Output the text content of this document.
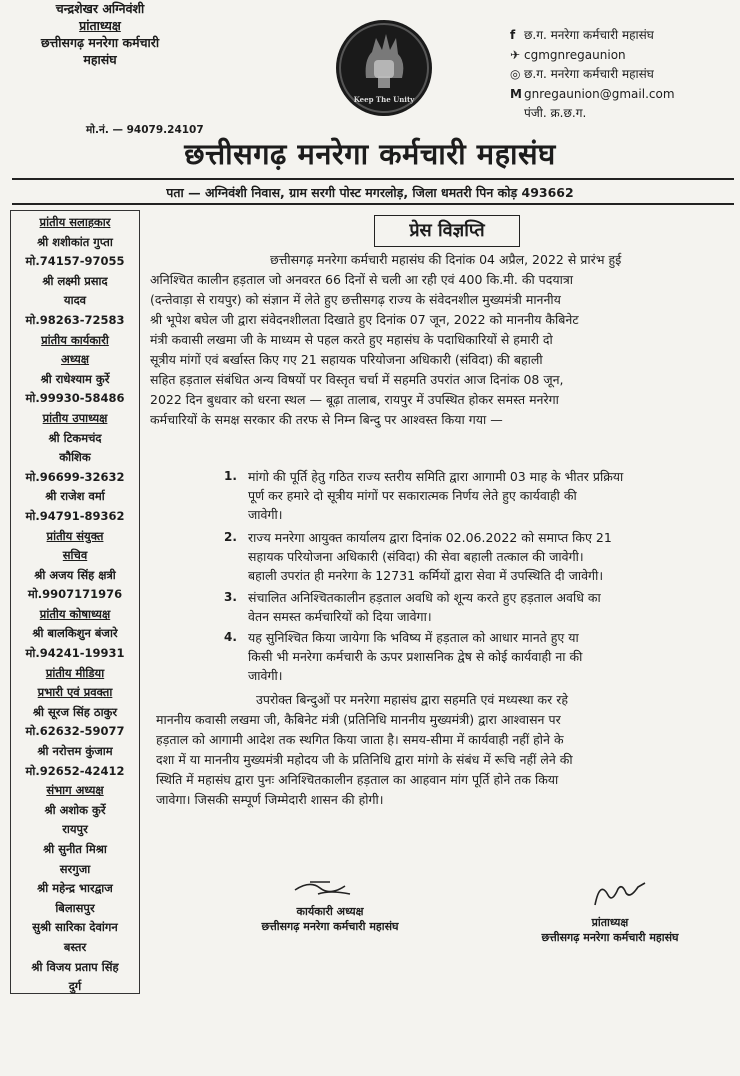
चन्द्रशेखर अग्निवंशी
प्रांताध्यक्ष
छत्तीसगढ़ मनरेगा कर्मचारी
महासंघ
मो.नं. — 94079.24107
Keep The Unity
f छ.ग. मनरेगा कर्मचारी महासंघ
✈ cgmgnregaunion
◎ छ.ग. मनरेगा कर्मचारी महासंघ
M gnregaunion@gmail.com
पंजी. क्र.छ.ग.
छत्तीसगढ़ मनरेगा कर्मचारी महासंघ
पता — अग्निवंशी निवास, ग्राम सरगी पोस्ट मगरलोड़, जिला धमतरी पिन कोड़ 493662
प्रांतीय सलाहकार
श्री शशीकांत गुप्ता
मो.74157-97055
श्री लक्ष्मी प्रसाद
यादव
मो.98263-72583
प्रांतीय कार्यकारी
अध्यक्ष
श्री राधेश्याम कुर्रे
मो.99930-58486
प्रांतीय उपाध्यक्ष
श्री टिकमचंद
कौशिक
मो.96699-32632
श्री राजेश वर्मा
मो.94791-89362
प्रांतीय संयुक्त
सचिव
श्री अजय सिंह क्षत्री
मो.9907171976
प्रांतीय कोषाध्यक्ष
श्री बालकिशुन बंजारे
मो.94241-19931
प्रांतीय मीडिया
प्रभारी एवं प्रवक्ता
श्री सूरज सिंह ठाकुर
मो.62632-59077
श्री नरोत्तम कुंजाम
मो.92652-42412
संभाग अध्यक्ष
श्री अशोक कुर्रे
रायपुर
श्री सुनीत मिश्रा
सरगुजा
श्री महेन्द्र भारद्वाज
बिलासपुर
सुश्री सारिका देवांगन
बस्तर
श्री विजय प्रताप सिंह
दुर्ग
प्रेस विज्ञप्ति
छत्तीसगढ़ मनरेगा कर्मचारी महासंघ की दिनांक 04 अप्रैल, 2022 से प्रारंभ हुई
अनिश्चित कालीन हड़ताल जो अनवरत 66 दिनों से चली आ रही एवं 400 कि.मी. की पदयात्रा
(दन्तेवाड़ा से रायपुर) को संज्ञान में लेते हुए छत्तीसगढ़ राज्य के संवेदनशील मुख्यमंत्री माननीय
श्री भूपेश बघेल जी द्वारा संवेदनशीलता दिखाते हुए दिनांक 07 जून, 2022 को माननीय कैबिनेट
मंत्री कवासी लखमा जी के माध्यम से पहल करते हुए महासंघ के पदाधिकारियों से हमारी दो
सूत्रीय मांगों एवं बर्खास्त किए गए 21 सहायक परियोजना अधिकारी (संविदा) की बहाली
सहित हड़ताल संबंधित अन्य विषयों पर विस्तृत चर्चा में सहमति उपरांत आज दिनांक 08 जून,
2022 दिन बुधवार को धरना स्थल — बूढ़ा तालाब, रायपुर में उपस्थित होकर समस्त मनरेगा
कर्मचारियों के समक्ष सरकार की तरफ से निम्न बिन्दु पर आश्वस्त किया गया —
1. मांगो की पूर्ति हेतु गठित राज्य स्तरीय समिति द्वारा आगामी 03 माह के भीतर प्रक्रिया
पूर्ण कर हमारे दो सूत्रीय मांगों पर सकारात्मक निर्णय लेते हुए कार्यवाही की
जावेगी।
2. राज्य मनरेगा आयुक्त कार्यालय द्वारा दिनांक 02.06.2022 को समाप्त किए 21
सहायक परियोजना अधिकारी (संविदा) की सेवा बहाली तत्काल की जावेगी।
बहाली उपरांत ही मनरेगा के 12731 कर्मियों द्वारा सेवा में उपस्थिति दी जावेगी।
3. संचालित अनिश्चितकालीन हड़ताल अवधि को शून्य करते हुए हड़ताल अवधि का
वेतन समस्त कर्मचारियों को दिया जावेगा।
4. यह सुनिश्चित किया जायेगा कि भविष्य में हड़ताल को आधार मानते हुए या
किसी भी मनरेगा कर्मचारी के ऊपर प्रशासनिक द्वेष से कोई कार्यवाही ना की
जावेगी।
उपरोक्त बिन्दुओं पर मनरेगा महासंघ द्वारा सहमति एवं मध्यस्था कर रहे
माननीय कवासी लखमा जी, कैबिनेट मंत्री (प्रतिनिधि माननीय मुख्यमंत्री) द्वारा आश्वासन पर
हड़ताल को आगामी आदेश तक स्थगित किया जाता है। समय-सीमा में कार्यवाही नहीं होने के
दशा में या माननीय मुख्यमंत्री महोदय जी के प्रतिनिधि द्वारा मांगो के संबंध में रूचि नहीं लेने की
स्थिति में महासंघ द्वारा पुनः अनिश्चितकालीन हड़ताल का आहवान मांग पूर्ति होने तक किया
जावेगा। जिसकी सम्पूर्ण जिम्मेदारी शासन की होगी।
कार्यकारी अध्यक्ष
छत्तीसगढ़ मनरेगा कर्मचारी महासंघ	प्रांताध्यक्ष
छत्तीसगढ़ मनरेगा कर्मचारी महासंघ
